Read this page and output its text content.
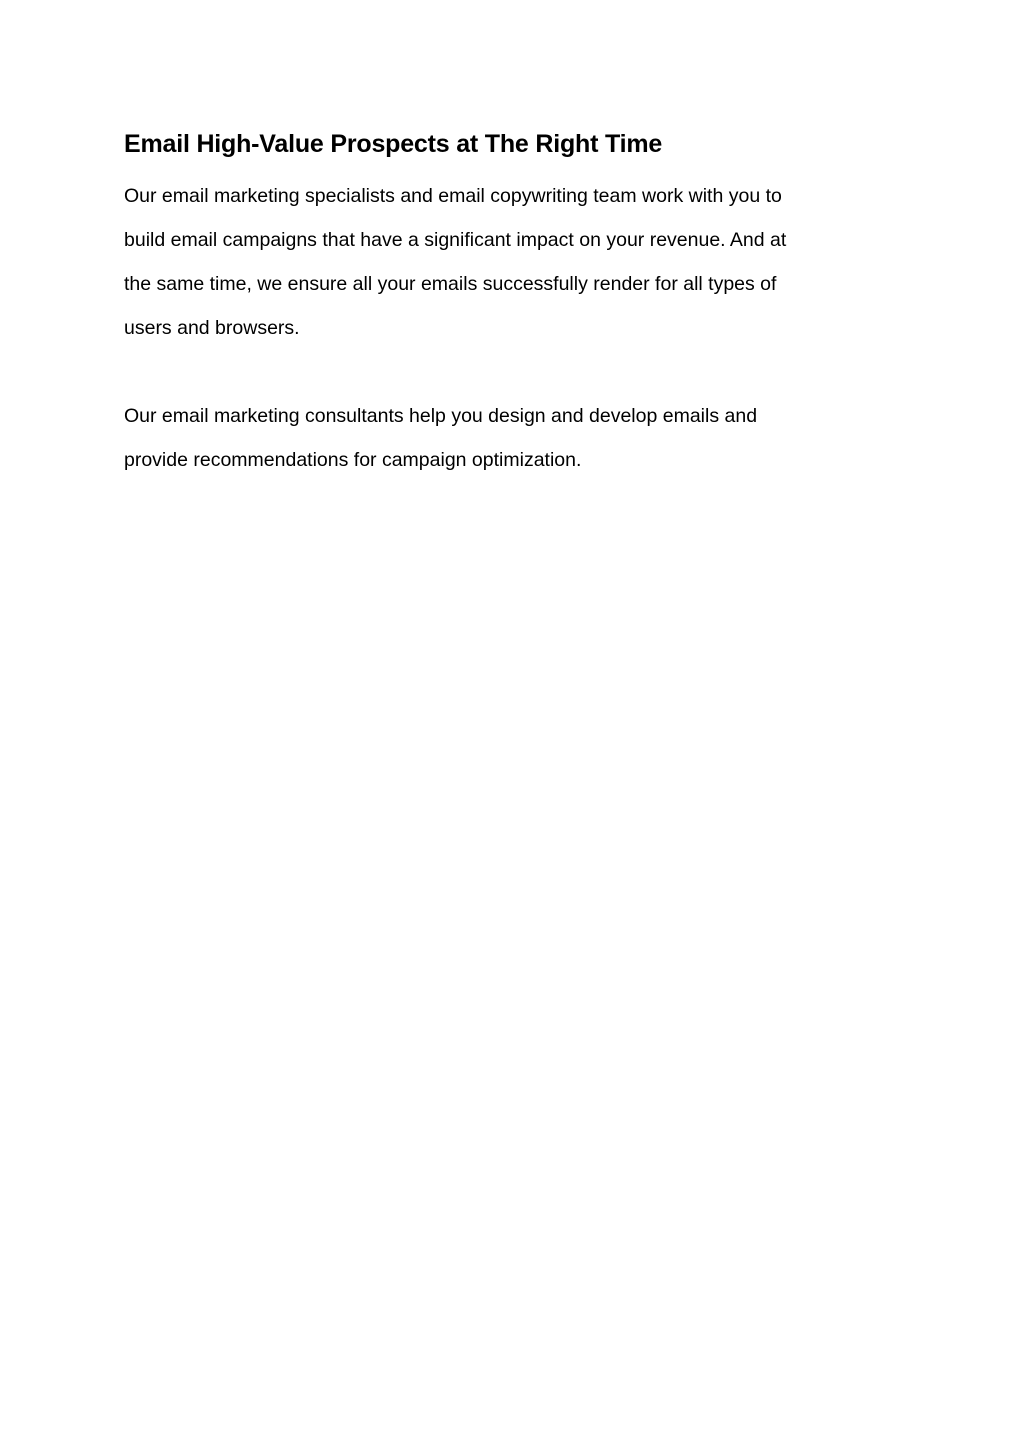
Email High-Value Prospects at The Right Time

Our email marketing specialists and email copywriting team work with you to
build email campaigns that have a significant impact on your revenue. And at
the same time, we ensure all your emails successfully render for all types of
users and browsers.

Our email marketing consultants help you design and develop emails and
provide recommendations for campaign optimization.
